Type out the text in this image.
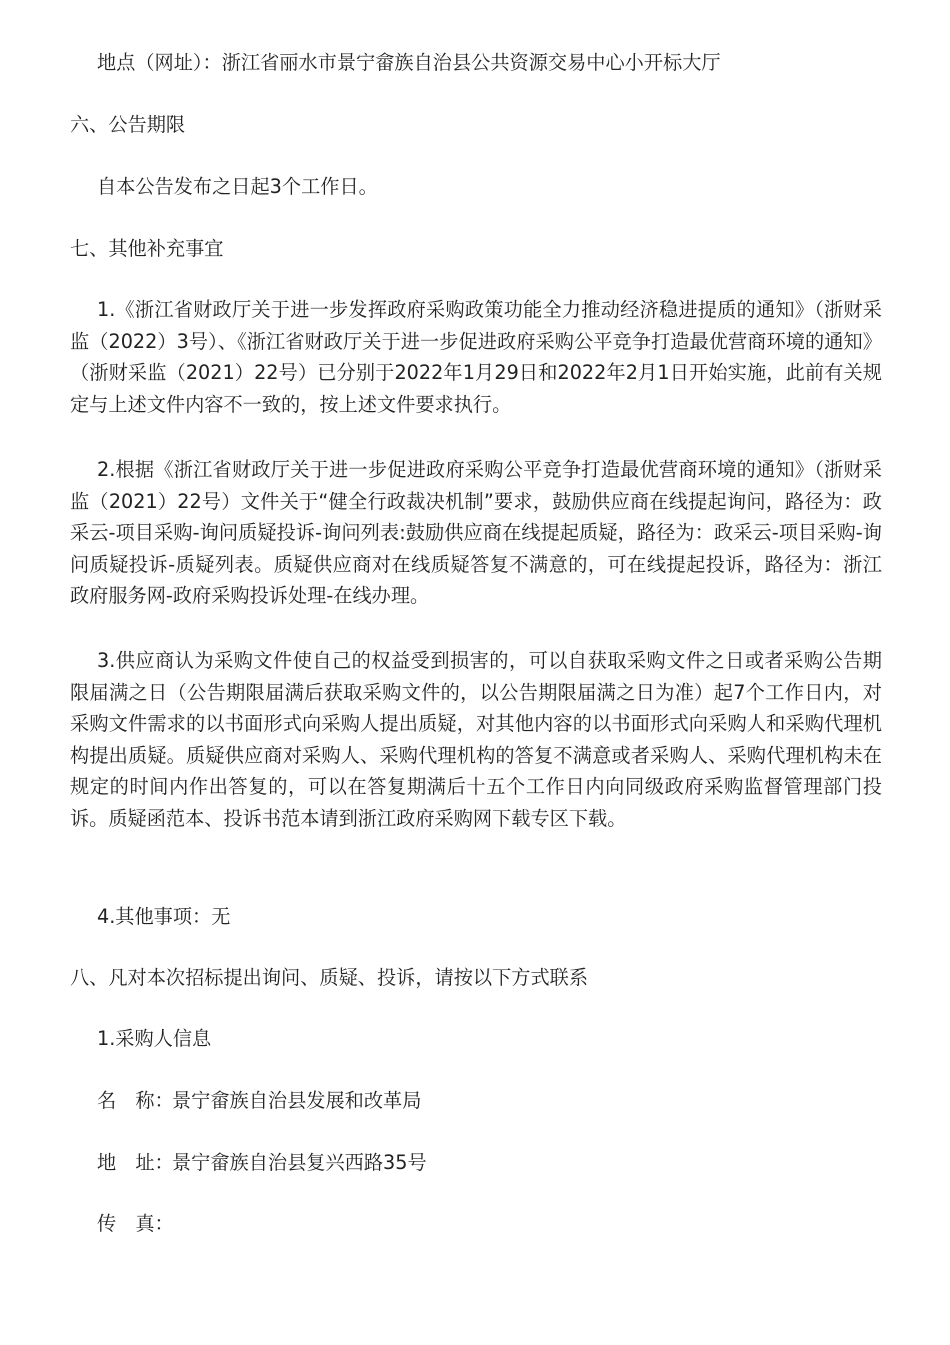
地点（网址）：浙江省丽水市景宁畲族自治县公共资源交易中心小开标大厅

六、公告期限

自本公告发布之日起3个工作日。

七、其他补充事宜

1.《浙江省财政厅关于进一步发挥政府采购政策功能全力推动经济稳进提质的通知》（浙财采监（2022）3号）、《浙江省财政厅关于进一步促进政府采购公平竞争打造最优营商环境的通知》（浙财采监（2021）22号）已分别于2022年1月29日和2022年2月1日开始实施，此前有关规定与上述文件内容不一致的，按上述文件要求执行。

2.根据《浙江省财政厅关于进一步促进政府采购公平竞争打造最优营商环境的通知》（浙财采监（2021）22号）文件关于“健全行政裁决机制”要求，鼓励供应商在线提起询问，路径为：政采云-项目采购-询问质疑投诉-询问列表:鼓励供应商在线提起质疑，路径为：政采云-项目采购-询问质疑投诉-质疑列表。质疑供应商对在线质疑答复不满意的，可在线提起投诉，路径为：浙江政府服务网-政府采购投诉处理-在线办理。

3.供应商认为采购文件使自己的权益受到损害的，可以自获取采购文件之日或者采购公告期限届满之日（公告期限届满后获取采购文件的，以公告期限届满之日为准）起7个工作日内，对采购文件需求的以书面形式向采购人提出质疑，对其他内容的以书面形式向采购人和采购代理机构提出质疑。质疑供应商对采购人、采购代理机构的答复不满意或者采购人、采购代理机构未在规定的时间内作出答复的，可以在答复期满后十五个工作日内向同级政府采购监督管理部门投诉。质疑函范本、投诉书范本请到浙江政府采购网下载专区下载。

4.其他事项：无

八、凡对本次招标提出询问、质疑、投诉，请按以下方式联系

1.采购人信息

名　称：景宁畲族自治县发展和改革局

地　址：景宁畲族自治县复兴西路35号

传　真：
